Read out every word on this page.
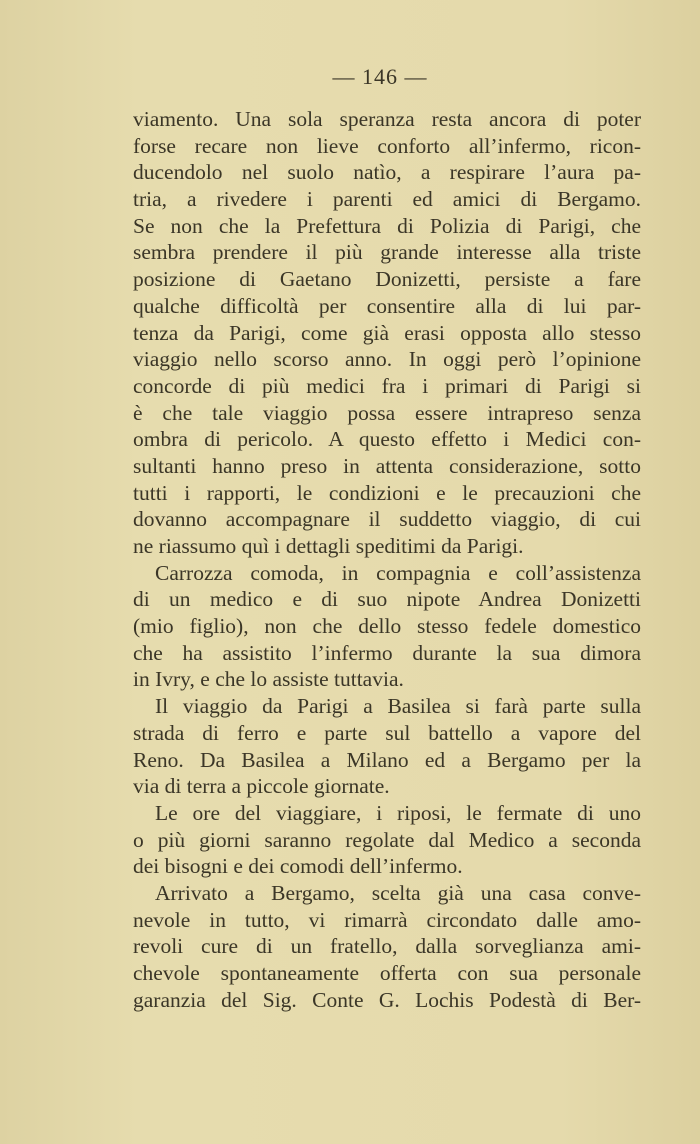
— 146 —
viamento. Una sola speranza resta ancora di poter
forse recare non lieve conforto all’infermo, ricon-
ducendolo nel suolo natìo, a respirare l’aura pa-
tria, a rivedere i parenti ed amici di Bergamo.
Se non che la Prefettura di Polizia di Parigi, che
sembra prendere il più grande interesse alla triste
posizione di Gaetano Donizetti, persiste a fare
qualche difficoltà per consentire alla di lui par-
tenza da Parigi, come già erasi opposta allo stesso
viaggio nello scorso anno. In oggi però l’opinione
concorde di più medici fra i primari di Parigi si
è che tale viaggio possa essere intrapreso senza
ombra di pericolo. A questo effetto i Medici con-
sultanti hanno preso in attenta considerazione, sotto
tutti i rapporti, le condizioni e le precauzioni che
dovanno accompagnare il suddetto viaggio, di cui
ne riassumo quì i dettagli speditimi da Parigi.
Carrozza comoda, in compagnia e coll’assistenza
di un medico e di suo nipote Andrea Donizetti
(mio figlio), non che dello stesso fedele domestico
che ha assistito l’infermo durante la sua dimora
in Ivry, e che lo assiste tuttavia.
Il viaggio da Parigi a Basilea si farà parte sulla
strada di ferro e parte sul battello a vapore del
Reno. Da Basilea a Milano ed a Bergamo per la
via di terra a piccole giornate.
Le ore del viaggiare, i riposi, le fermate di uno
o più giorni saranno regolate dal Medico a seconda
dei bisogni e dei comodi dell’infermo.
Arrivato a Bergamo, scelta già una casa conve-
nevole in tutto, vi rimarrà circondato dalle amo-
revoli cure di un fratello, dalla sorveglianza ami-
chevole spontaneamente offerta con sua personale
garanzia del Sig. Conte G. Lochis Podestà di Ber-
